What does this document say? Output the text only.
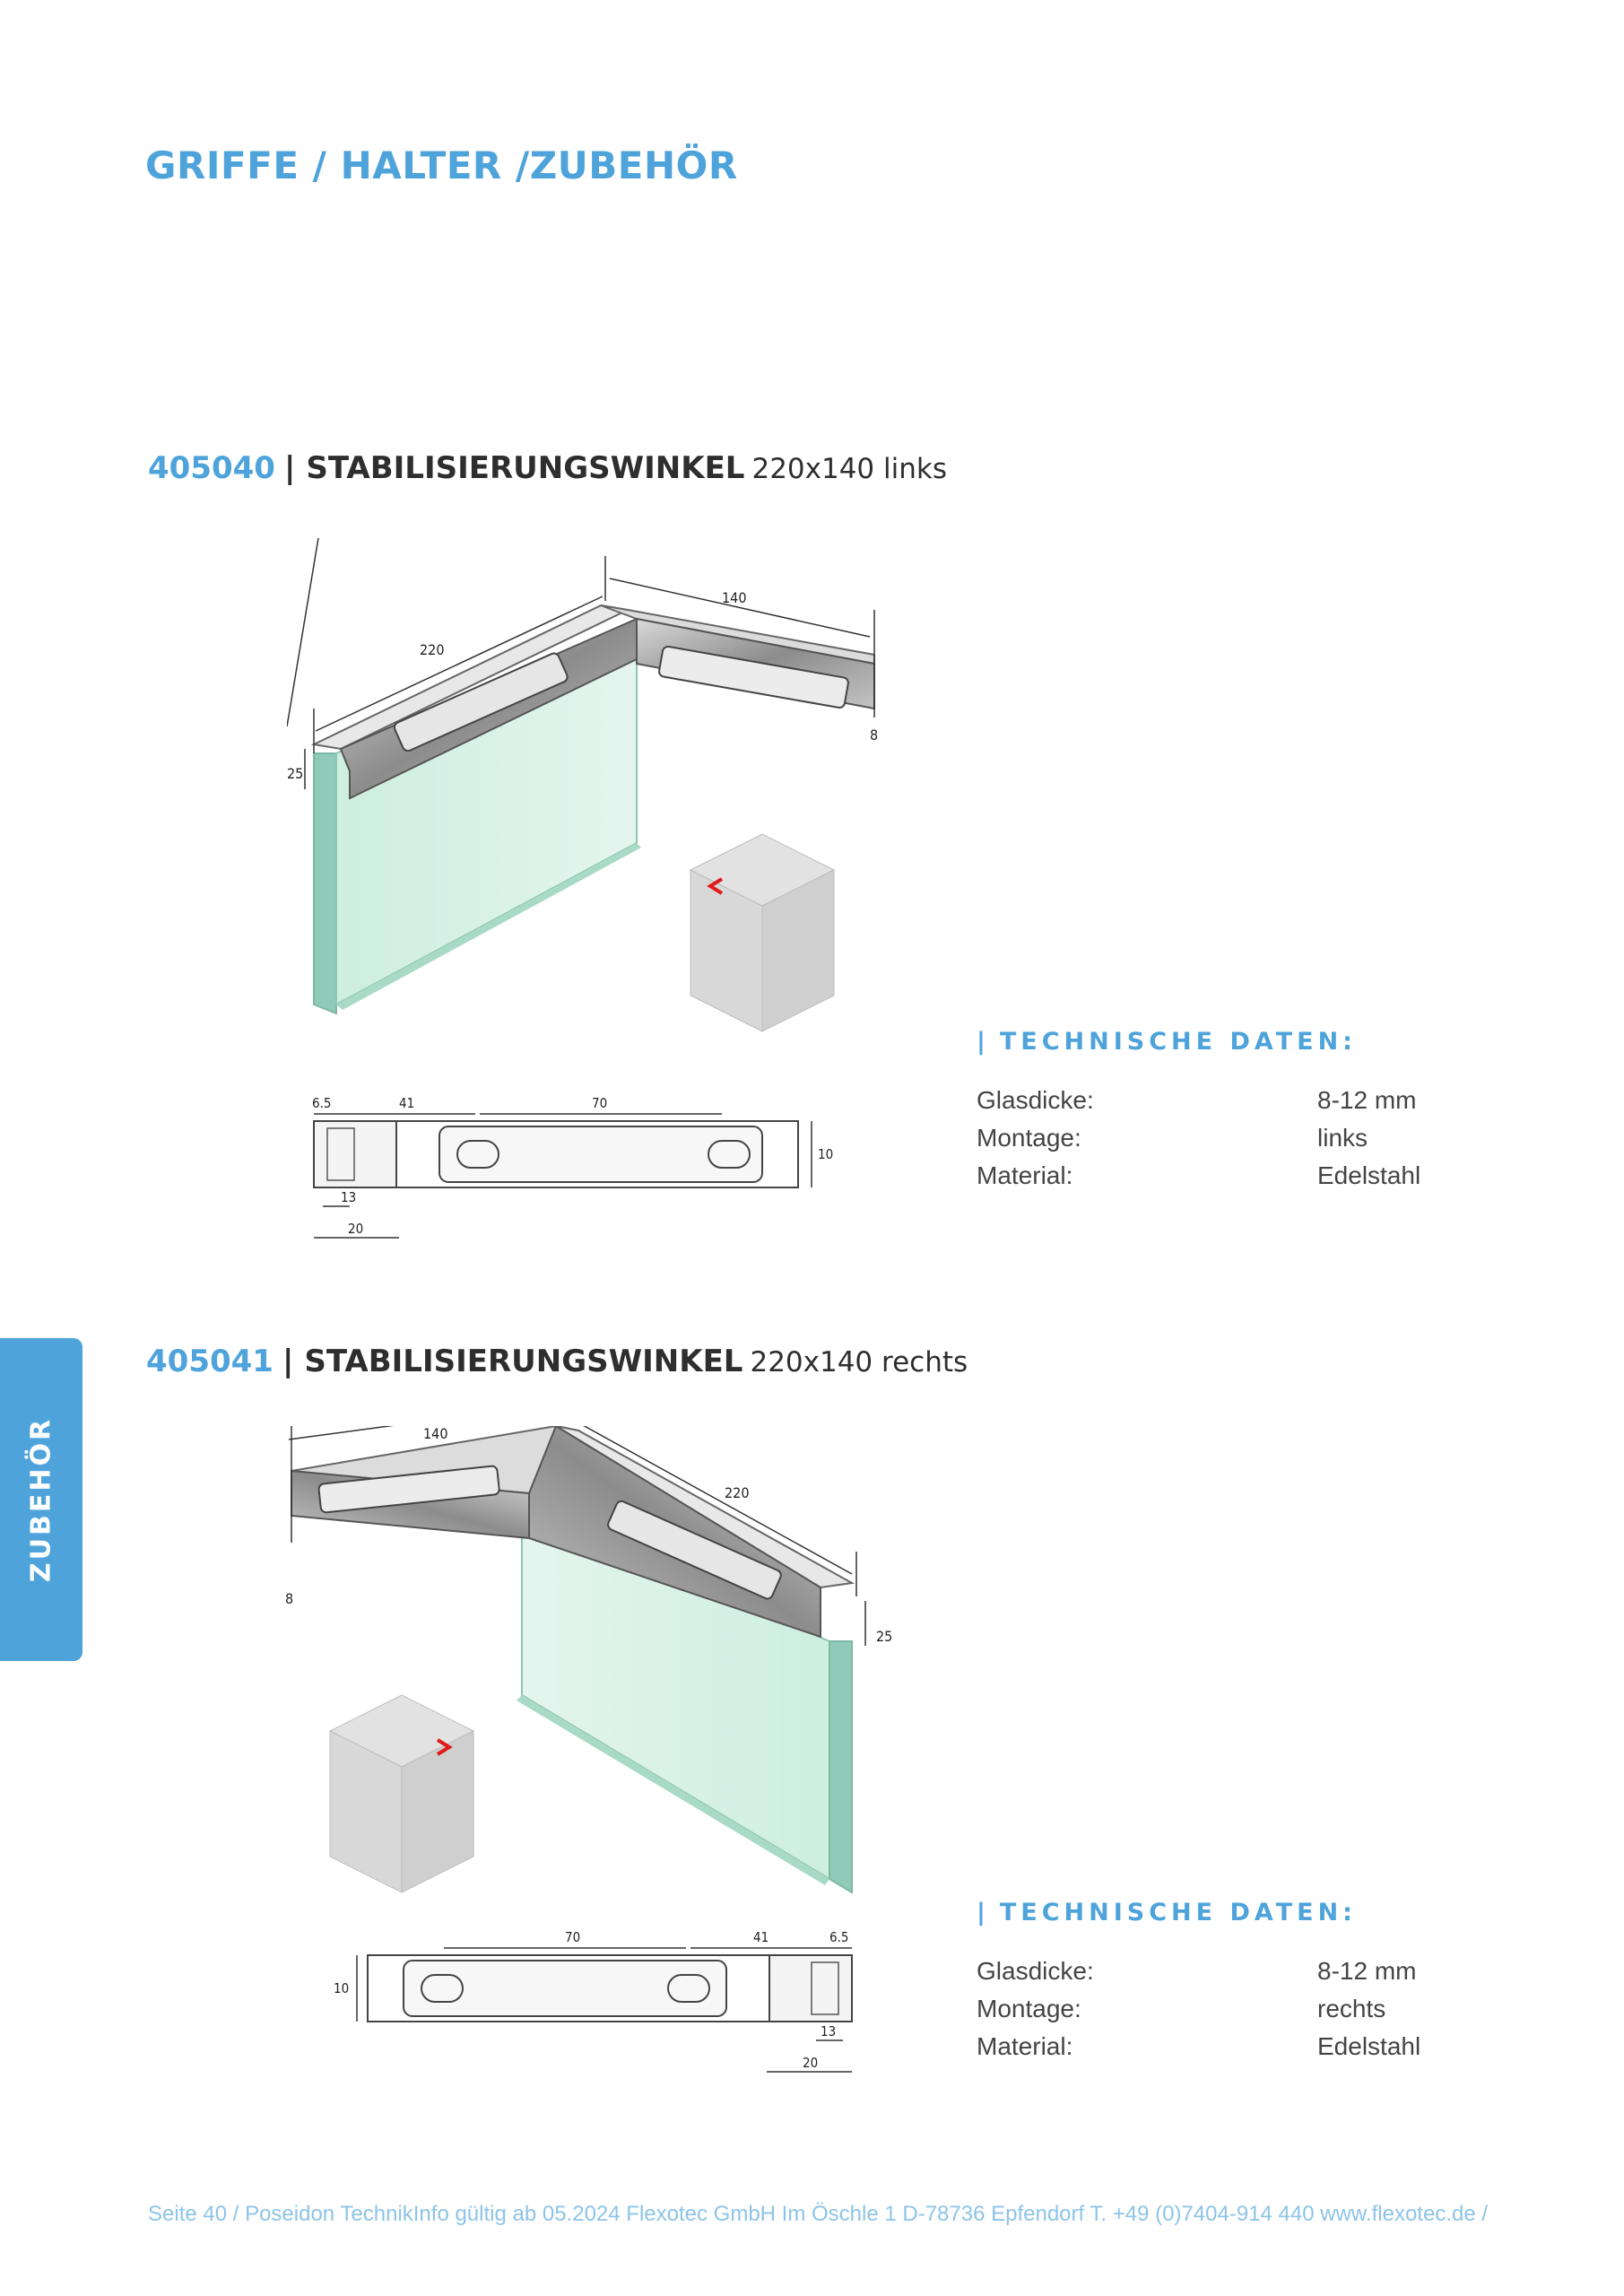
GRIFFE / HALTER /ZUBEHÖR
405040 | STABILISIERUNGSWINKEL 220x140 links
220
140
25
8
6.5	41	70
10
13
20
| TECHNISCHE DATEN:
Glasdicke:	8-12 mm
Montage:	links
Material:	Edelstahl
ZUBEHÖR
405041 | STABILISIERUNGSWINKEL 220x140 rechts
140
220
25
8
70	41	6.5
10
13
20
| TECHNISCHE DATEN:
Glasdicke:	8-12 mm
Montage:	rechts
Material:	Edelstahl
Seite 40 / Poseidon TechnikInfo gültig ab 05.2024 Flexotec GmbH Im Öschle 1 D-78736 Epfendorf T. +49 (0)7404-914 440 www.flexotec.de /
